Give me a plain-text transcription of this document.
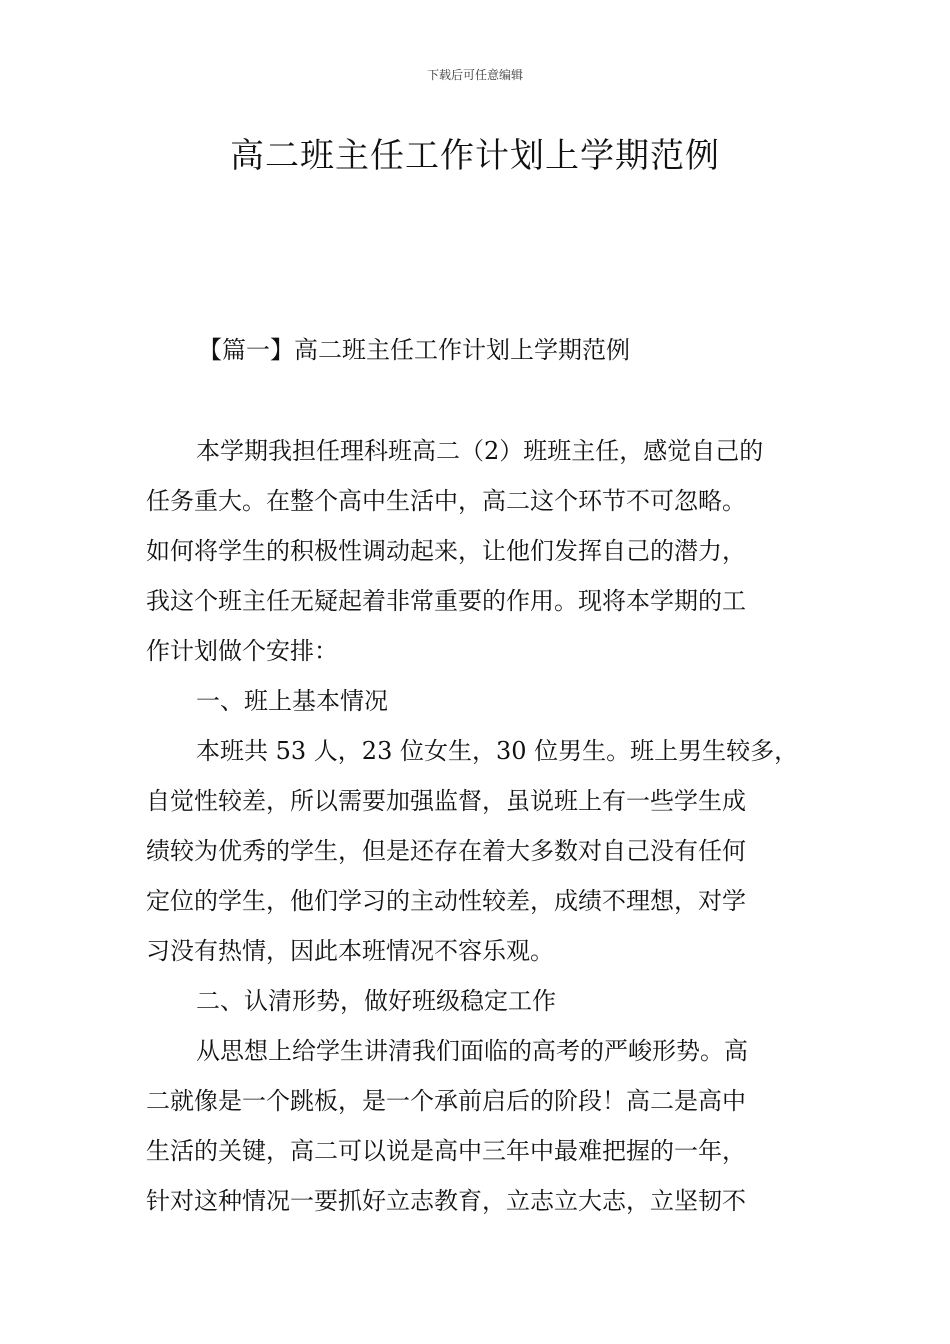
下载后可任意编辑
高二班主任工作计划上学期范例
【篇一】高二班主任工作计划上学期范例
本学期我担任理科班高二（2）班班主任，感觉自己的
任务重大。在整个高中生活中，高二这个环节不可忽略。
如何将学生的积极性调动起来，让他们发挥自己的潜力，
我这个班主任无疑起着非常重要的作用。现将本学期的工
作计划做个安排：
一、班上基本情况
本班共 53 人，23 位女生，30 位男生。班上男生较多，
自觉性较差，所以需要加强监督，虽说班上有一些学生成
绩较为优秀的学生，但是还存在着大多数对自己没有任何
定位的学生，他们学习的主动性较差，成绩不理想，对学
习没有热情，因此本班情况不容乐观。
二、认清形势，做好班级稳定工作
从思想上给学生讲清我们面临的高考的严峻形势。高
二就像是一个跳板，是一个承前启后的阶段！高二是高中
生活的关键，高二可以说是高中三年中最难把握的一年，
针对这种情况一要抓好立志教育，立志立大志，立坚韧不
